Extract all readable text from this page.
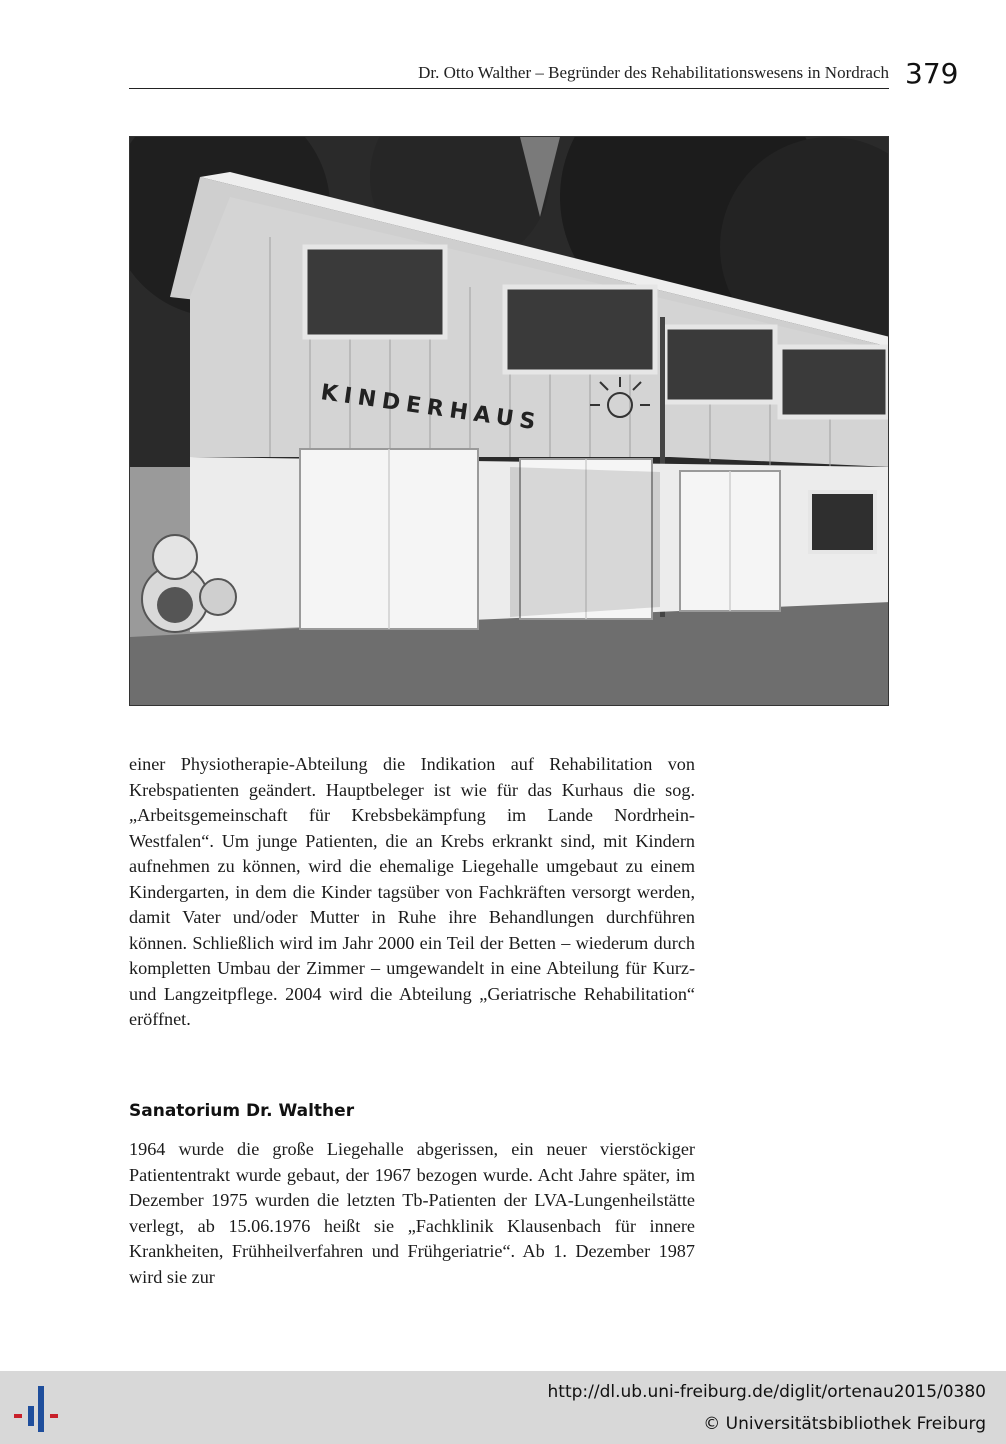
Dr. Otto Walther – Begründer des Rehabilitationswesens in Nordrach 379
KINDERHAUS

einer Physiotherapie-Abteilung die Indikation auf Rehabilitation von Krebspatienten geändert. Hauptbeleger ist wie für das Kurhaus die sog. „Arbeitsgemeinschaft für Krebsbekämpfung im Lande Nordrhein-Westfalen“. Um junge Patienten, die an Krebs erkrankt sind, mit Kindern aufnehmen zu können, wird die ehemalige Liegehalle umgebaut zu einem Kindergarten, in dem die Kinder tagsüber von Fachkräften versorgt werden, damit Vater und/oder Mutter in Ruhe ihre Behandlungen durchführen können. Schließlich wird im Jahr 2000 ein Teil der Betten – wiederum durch kompletten Umbau der Zimmer – umgewandelt in eine Abteilung für Kurz- und Langzeitpflege. 2004 wird die Abteilung „Geriatrische Rehabilitation“ eröffnet.

Sanatorium Dr. Walther

1964 wurde die große Liegehalle abgerissen, ein neuer vierstöckiger Patiententrakt wurde gebaut, der 1967 bezogen wurde. Acht Jahre später, im Dezember 1975 wurden die letzten Tb-Patienten der LVA-Lungenheilstätte verlegt, ab 15.06.1976 heißt sie „Fachklinik Klausenbach für innere Krankheiten, Frühheilverfahren und Frühgeriatrie“. Ab 1. Dezember 1987 wird sie zur

http://dl.ub.uni-freiburg.de/diglit/ortenau2015/0380
© Universitätsbibliothek Freiburg
